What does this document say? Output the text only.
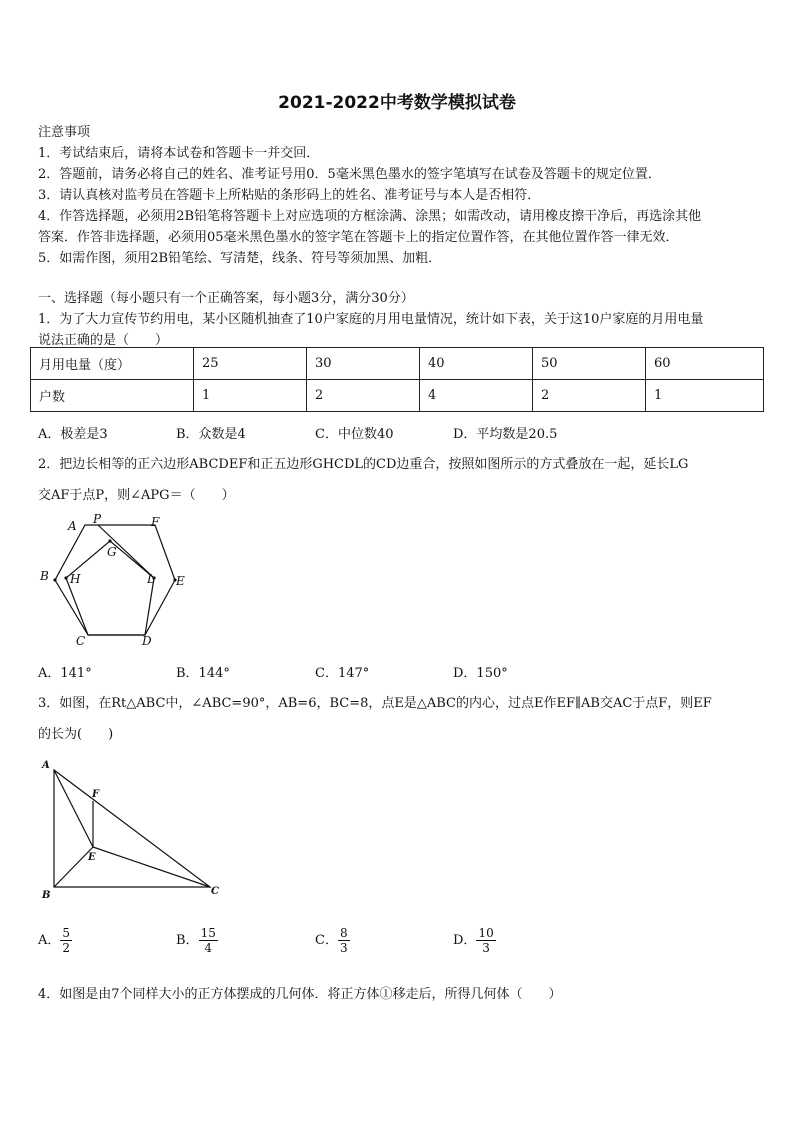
2021-2022中考数学模拟试卷
注意事项
1．考试结束后，请将本试卷和答题卡一并交回．
2．答题前，请务必将自己的姓名、准考证号用0．5毫米黑色墨水的签字笔填写在试卷及答题卡的规定位置．
3．请认真核对监考员在答题卡上所粘贴的条形码上的姓名、准考证号与本人是否相符．
4．作答选择题，必须用2B铅笔将答题卡上对应选项的方框涂满、涂黑；如需改动，请用橡皮擦干净后，再选涂其他
答案．作答非选择题，必须用05毫米黑色墨水的签字笔在答题卡上的指定位置作答，在其他位置作答一律无效．
5．如需作图，须用2B铅笔绘、写清楚，线条、符号等须加黑、加粗．
一、选择题（每小题只有一个正确答案，每小题3分，满分30分）
1．为了大力宣传节约用电，某小区随机抽查了10户家庭的月用电量情况，统计如下表，关于这10户家庭的月用电量
说法正确的是（　　）
月用电量（度）	25	30	40	50	60
户数	1	2	4	2	1
A．极差是3	B．众数是4	C．中位数40	D．平均数是20.5
2．把边长相等的正六边形ABCDEF和正五边形GHCDL的CD边重合，按照如图所示的方式叠放在一起，延长LG
交AF于点P，则∠APG＝（　　）
A P	F
G
B H	L E
C	D
A．141°	B．144°	C．147°	D．150°
3．如图，在Rt△ABC中，∠ABC=90°，AB=6，BC=8，点E是△ABC的内心，过点E作EF∥AB交AC于点F，则EF
的长为(　　)
A
F
E
B	C
A． $\frac{5}{2}$	B． $\frac{15}{4}$	C． $\frac{8}{3}$	D． $\frac{10}{3}$
4．如图是由7个同样大小的正方体摆成的几何体．将正方体①移走后，所得几何体（　　）
